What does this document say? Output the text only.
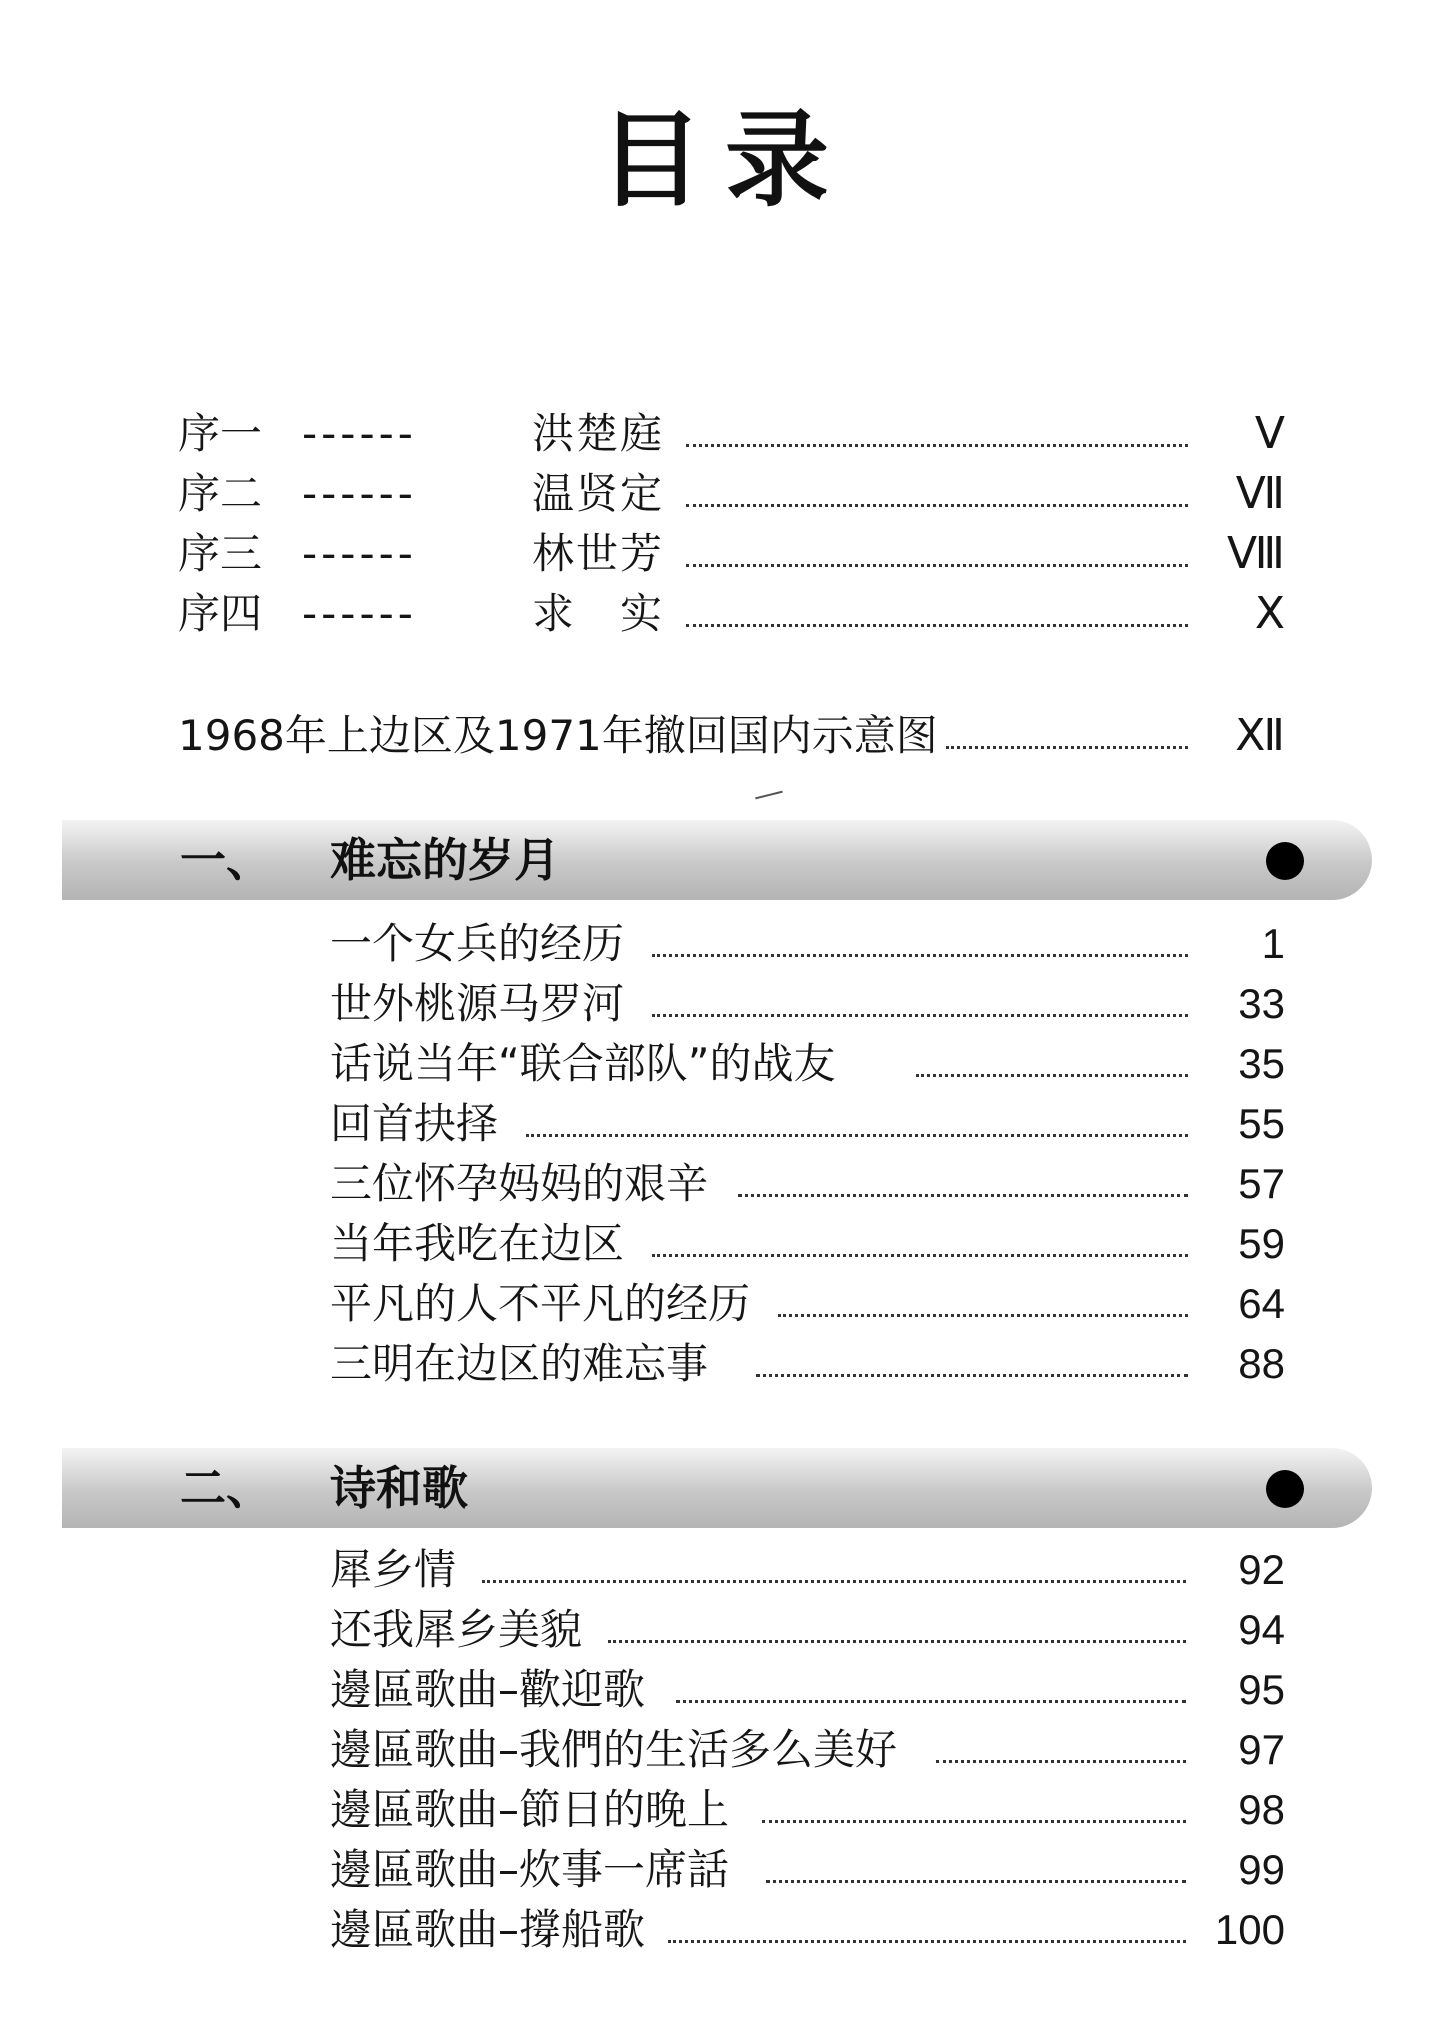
目录
序一 ------	洪楚庭	Ⅴ
序二 ------	温贤定	Ⅶ
序三 ------	林世芳	Ⅷ
序四 ------	求　实	Ⅹ
1968年上边区及1971年撤回国内示意图	Ⅻ
一、 难忘的岁月
一个女兵的经历	1
世外桃源马罗河	33
话说当年“联合部队”的战友	35
回首抉择	55
三位怀孕妈妈的艰辛	57
当年我吃在边区	59
平凡的人不平凡的经历	64
三明在边区的难忘事	88
二、 诗和歌
犀乡情	92
还我犀乡美貌	94
邊區歌曲–歡迎歌	95
邊區歌曲–我們的生活多么美好	97
邊區歌曲–節日的晚上	98
邊區歌曲–炊事一席話	99
邊區歌曲–撐船歌	100
